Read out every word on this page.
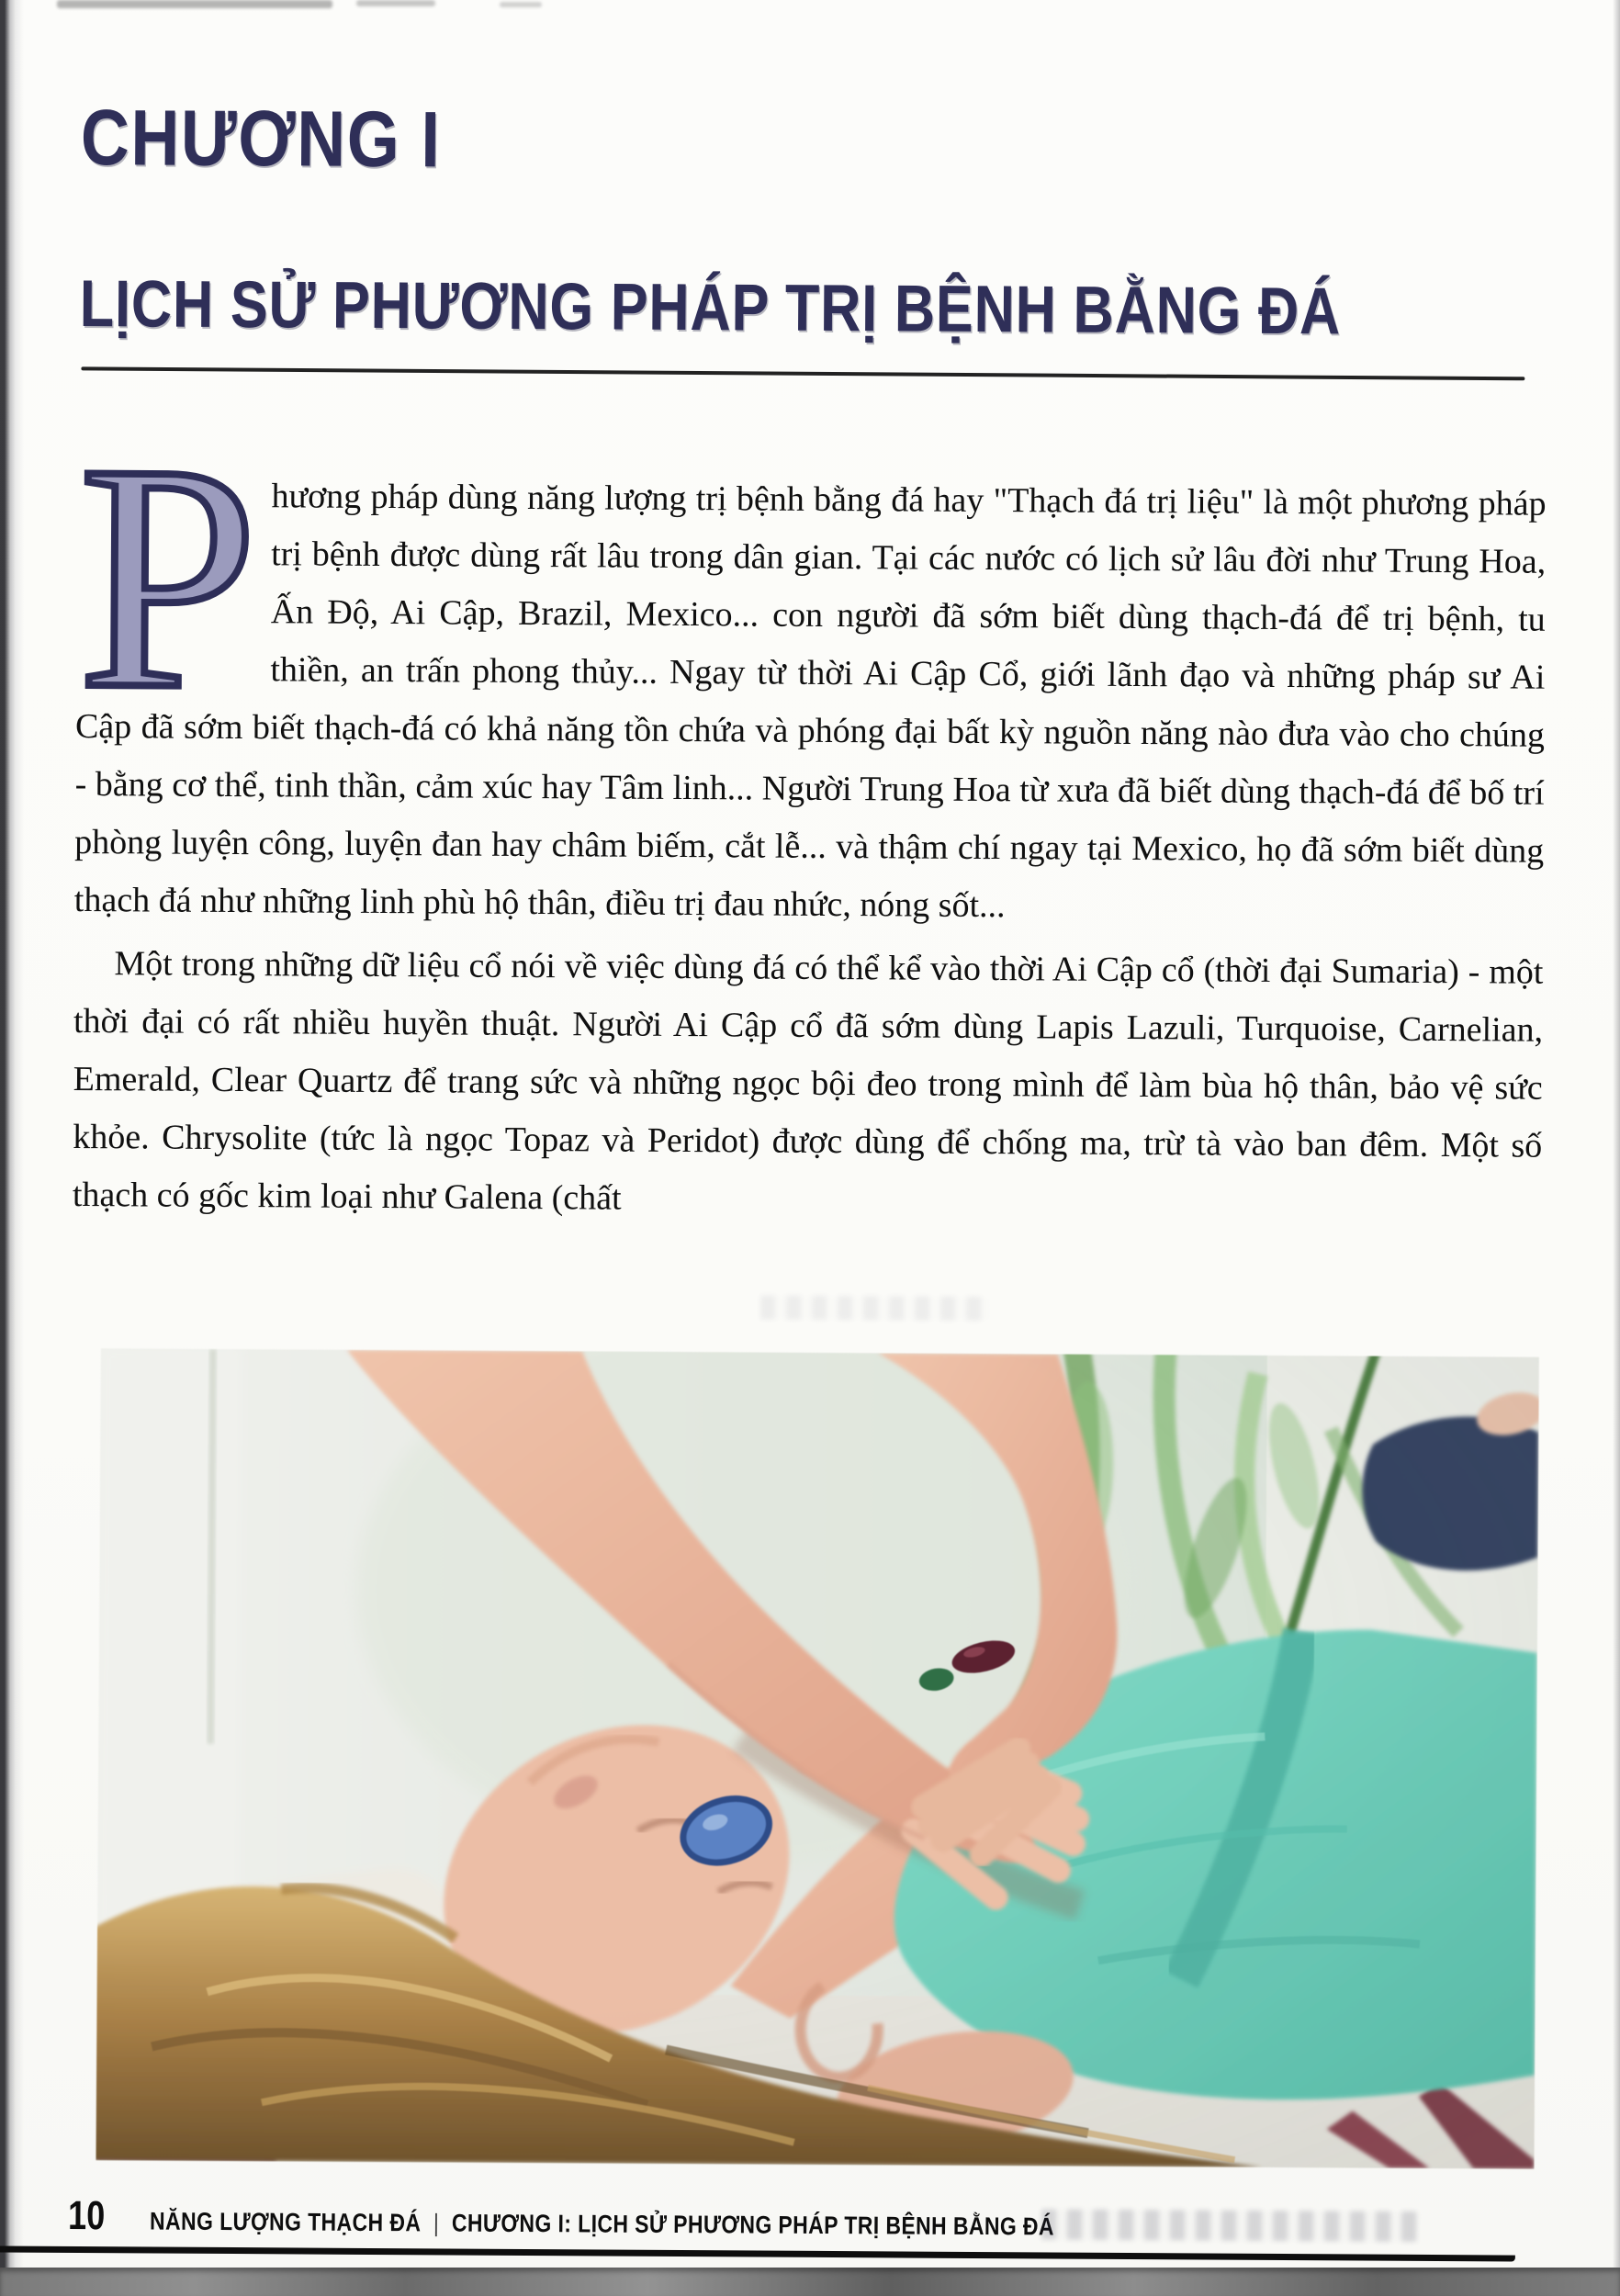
CHƯƠNG I
LỊCH SỬ PHƯƠNG PHÁP TRỊ BỆNH BẰNG ĐÁ

Phương pháp dùng năng lượng trị bệnh bằng đá hay "Thạch đá trị liệu" là một phương pháp trị bệnh được dùng rất lâu trong dân gian. Tại các nước có lịch sử lâu đời như Trung Hoa, Ấn Độ, Ai Cập, Brazil, Mexico... con người đã sớm biết dùng thạch-đá để trị bệnh, tu thiền, an trấn phong thủy... Ngay từ thời Ai Cập Cổ, giới lãnh đạo và những pháp sư Ai Cập đã sớm biết thạch-đá có khả năng tồn chứa và phóng đại bất kỳ nguồn năng nào đưa vào cho chúng - bằng cơ thể, tinh thần, cảm xúc hay Tâm linh... Người Trung Hoa từ xưa đã biết dùng thạch-đá để bố trí phòng luyện công, luyện đan hay châm biếm, cắt lễ... và thậm chí ngay tại Mexico, họ đã sớm biết dùng thạch đá như những linh phù hộ thân, điều trị đau nhức, nóng sốt...

Một trong những dữ liệu cổ nói về việc dùng đá có thể kể vào thời Ai Cập cổ (thời đại Sumaria) - một thời đại có rất nhiều huyền thuật. Người Ai Cập cổ đã sớm dùng Lapis Lazuli, Turquoise, Carnelian, Emerald, Clear Quartz để trang sức và những ngọc bội đeo trong mình để làm bùa hộ thân, bảo vệ sức khỏe. Chrysolite (tức là ngọc Topaz và Peridot) được dùng để chống ma, trừ tà vào ban đêm. Một số thạch có gốc kim loại như Galena (chất

10 NĂNG LƯỢNG THẠCH ĐÁ | CHƯƠNG I: LỊCH SỬ PHƯƠNG PHÁP TRỊ BỆNH BẰNG ĐÁ
